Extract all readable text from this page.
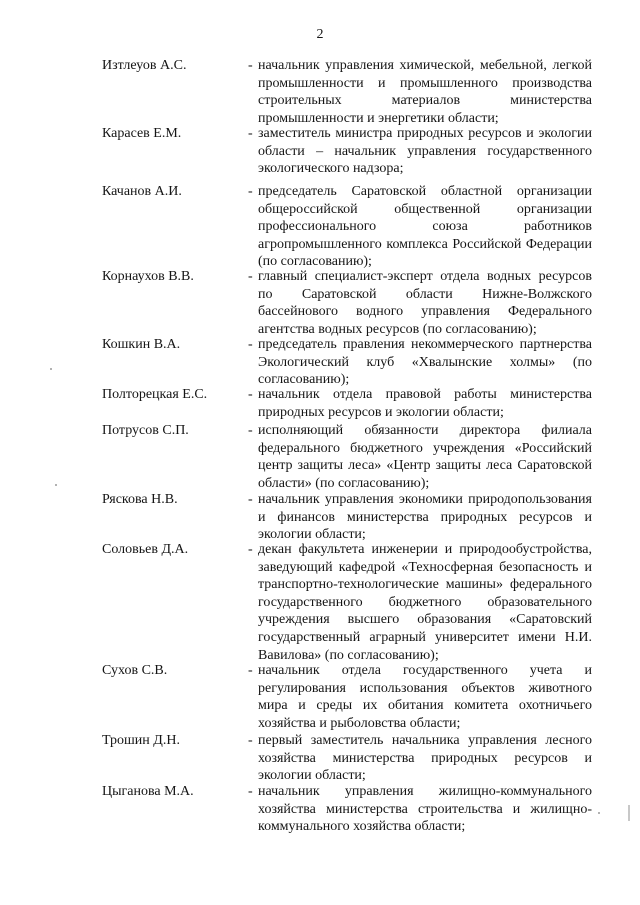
2
Изтлеуов А.С.	- начальник управления химической, мебельной, легкой промышленности и промышленного производства строительных материалов министерства промышленности и энергетики области;
Карасев Е.М.	- заместитель министра природных ресурсов и экологии области – начальник управления государственного экологического надзора;
Качанов А.И.	- председатель Саратовской областной организации общероссийской общественной организации профессионального союза работников агропромышленного комплекса Российской Федерации (по согласованию);
Корнаухов В.В.	- главный специалист-эксперт отдела водных ресурсов по Саратовской области Нижне-Волжского бассейнового водного управления Федерального агентства водных ресурсов (по согласованию);
Кошкин В.А.	- председатель правления некоммерческого партнерства Экологический клуб «Хвалынские холмы» (по согласованию);
Полторецкая Е.С.	- начальник отдела правовой работы министерства природных ресурсов и экологии области;
Потрусов С.П.	- исполняющий обязанности директора филиала федерального бюджетного учреждения «Российский центр защиты леса» «Центр защиты леса Саратовской области» (по согласованию);
Ряскова Н.В.	- начальник управления экономики природопользования и финансов министерства природных ресурсов и экологии области;
Соловьев Д.А.	- декан факультета инженерии и природообустройства, заведующий кафедрой «Техносферная безопасность и транспортно-технологические машины» федерального государственного бюджетного образовательного учреждения высшего образования «Саратовский государственный аграрный университет имени Н.И. Вавилова» (по согласованию);
Сухов С.В.	- начальник отдела государственного учета и регулирования использования объектов животного мира и среды их обитания комитета охотничьего хозяйства и рыболовства области;
Трошин Д.Н.	- первый заместитель начальника управления лесного хозяйства министерства природных ресурсов и экологии области;
Цыганова М.А.	- начальник управления жилищно-коммунального хозяйства министерства строительства и жилищно-коммунального хозяйства области;
